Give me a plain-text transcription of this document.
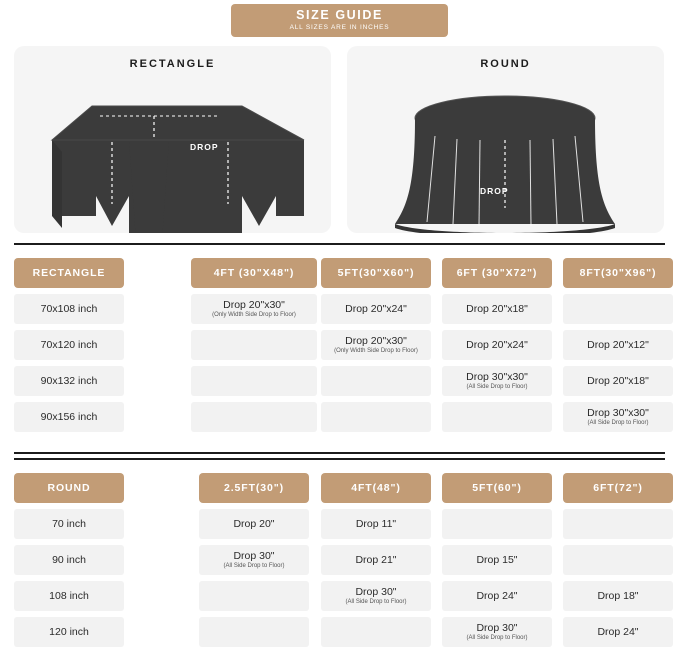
SIZE GUIDE
ALL SIZES ARE IN INCHES
RECTANGLE
DROP
ROUND
DROP
RECTANGLE
70x108 inch
70x120 inch
90x132 inch
90x156 inch
4FT (30"X48")
Drop 20"x30"
(Only Width Side Drop to Floor)
5FT(30"X60")
Drop 20"x24"
Drop 20"x30"
(Only Width Side Drop to Floor)
6FT (30"X72")
Drop 20"x18"
Drop 20"x24"
Drop 30"x30"
(All Side Drop to Floor)
8FT(30"X96")
Drop 20"x12"
Drop 20"x18"
Drop 30"x30"
(All Side Drop to Floor)
ROUND
70 inch
90 inch
108 inch
120 inch
2.5FT(30")
Drop 20"
Drop 30"
(All Side Drop to Floor)
4FT(48")
Drop 11"
Drop 21"
Drop 30"
(All Side Drop to Floor)
5FT(60")
Drop 15"
Drop 24"
Drop 30"
(All Side Drop to Floor)
6FT(72")
Drop 18"
Drop 24"
